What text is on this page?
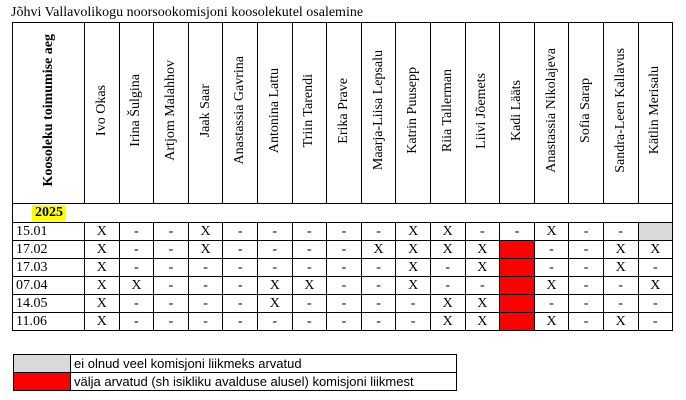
Jõhvi Vallavolikogu noorsookomisjoni koosolekutel osalemine
Koosoleku toimumise aeg	Ivo Okas	Irina Šulgina	Artjom Malahhov	Jaak Saar	Anastassia Gavrina	Antonina Lattu	Triin Tarendi	Erika Prave	Maarja-Liisa Lepsalu	Katrin Puusepp	Riia Tallerman	Liivi Jõemets	Kadi Lääts	Anastassia Nikolajeva	Sofia Sarap	Sandra-Leen Kallavus	Kätlin Merisalu
2025																	
15.01	X	-	-	X	-	-	-	-	-	X	X	-	-	X	-	-	
17.02	X	-	-	X	-	-	-	-	X	X	X	X		-	-	X	X
17.03	X	-	-	-	-	-	-	-	-	X	-	X		-	-	X	-
07.04	X	X	-	-	-	X	X	-	-	X	-	-		X	-	-	X
14.05	X	-	-	-	-	X	-	-	-	-	X	X		-	-	-	-
11.06	X	-	-	-	-	-	-	-	-	-	X	X		X	-	X	-
	ei olnud veel komisjoni liikmeks arvatud
	välja arvatud (sh isikliku avalduse alusel) komisjoni liikmest
